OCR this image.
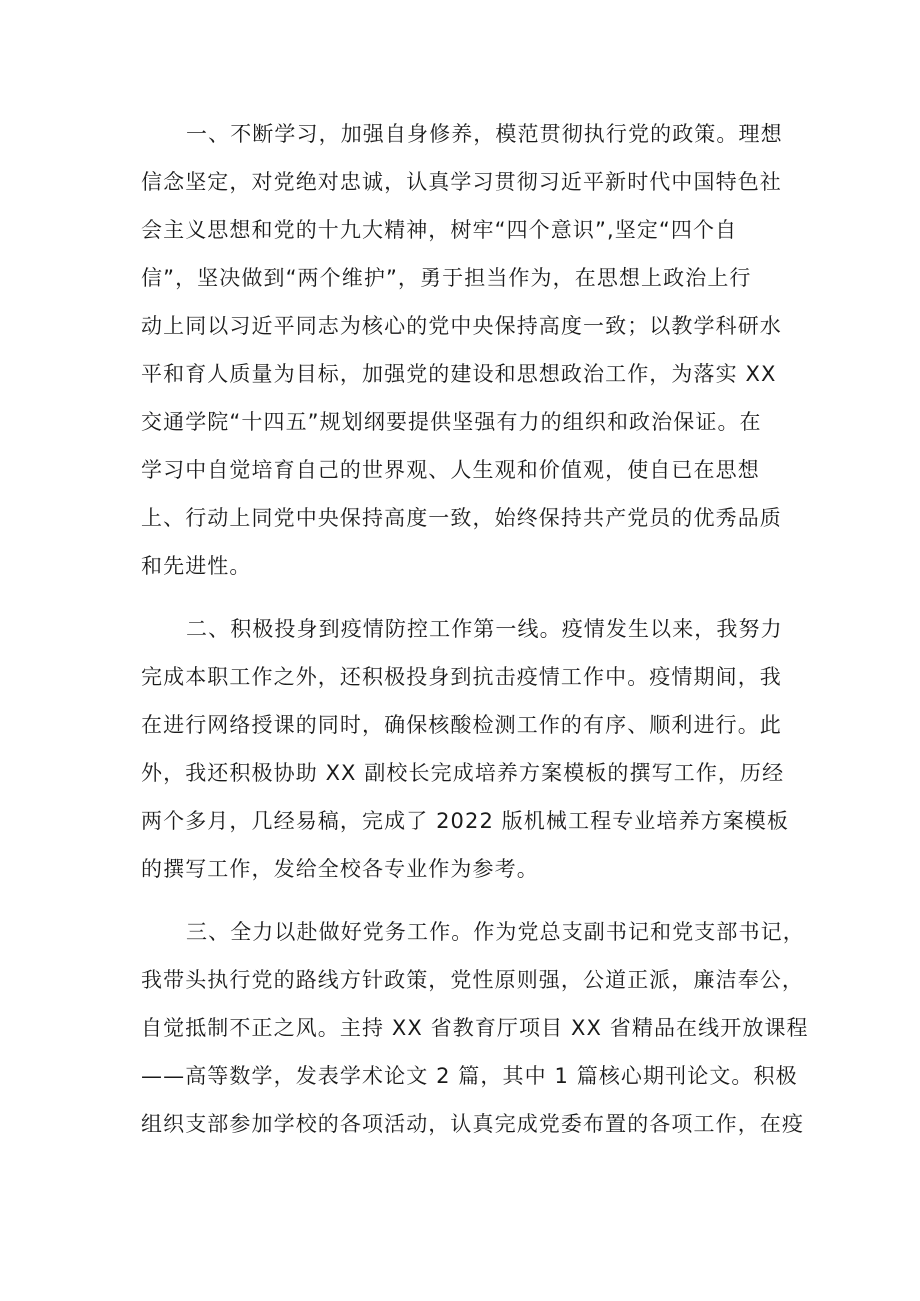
一、不断学习，加强自身修养，模范贯彻执行党的政策。理想
信念坚定，对党绝对忠诚，认真学习贯彻习近平新时代中国特色社
会主义思想和党的十九大精神，树牢“四个意识”,坚定“四个自
信”，坚决做到“两个维护”，勇于担当作为，在思想上政治上行
动上同以习近平同志为核心的党中央保持高度一致；以教学科研水
平和育人质量为目标，加强党的建设和思想政治工作，为落实 XX
交通学院“十四五”规划纲要提供坚强有力的组织和政治保证。在
学习中自觉培育自己的世界观、人生观和价值观，使自已在思想
上、行动上同党中央保持高度一致，始终保持共产党员的优秀品质
和先进性。
二、积极投身到疫情防控工作第一线。疫情发生以来，我努力
完成本职工作之外，还积极投身到抗击疫情工作中。疫情期间，我
在进行网络授课的同时，确保核酸检测工作的有序、顺利进行。此
外，我还积极协助 XX 副校长完成培养方案模板的撰写工作，历经
两个多月，几经易稿，完成了 2022 版机械工程专业培养方案模板
的撰写工作，发给全校各专业作为参考。
三、全力以赴做好党务工作。作为党总支副书记和党支部书记，
我带头执行党的路线方针政策，党性原则强，公道正派，廉洁奉公，
自觉抵制不正之风。主持 XX 省教育厅项目 XX 省精品在线开放课程
——高等数学，发表学术论文 2 篇，其中 1 篇核心期刊论文。积极
组织支部参加学校的各项活动，认真完成党委布置的各项工作，在疫
